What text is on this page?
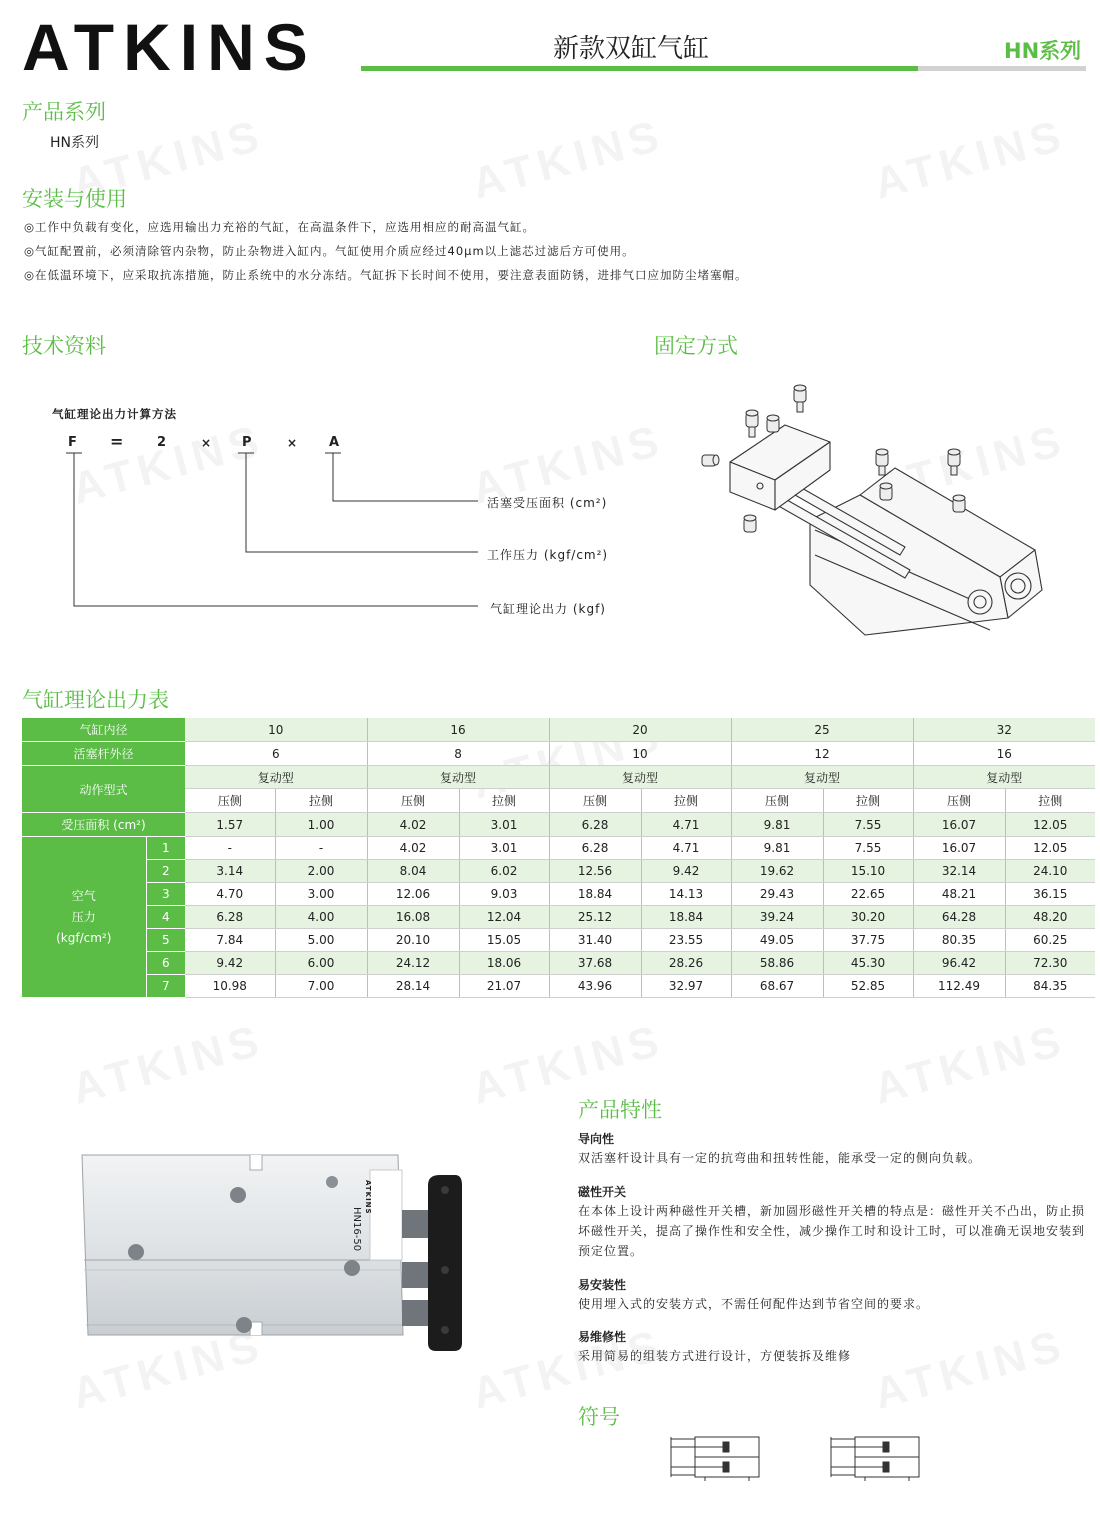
ATKINS	新款双缸气缸	HN系列
产品系列
HN系列
安装与使用
◎工作中负载有变化，应选用输出力充裕的气缸，在高温条件下，应选用相应的耐高温气缸。
◎气缸配置前，必须清除管内杂物，防止杂物进入缸内。气缸使用介质应经过40μm以上滤芯过滤后方可使用。
◎在低温环境下，应采取抗冻措施，防止系统中的水分冻结。气缸拆下长时间不使用，要注意表面防锈，进排气口应加防尘堵塞帽。
技术资料
气缸理论出力计算方法
F =	2	× P	× A
活塞受压面积 (cm²)
工作压力 (kgf/cm²)
气缸理论出力 (kgf)
固定方式
气缸理论出力表
气缸内径		10		16		20		25		32	
活塞杆外径		6		8		10		12		16	
动作型式		复动型		复动型		复动型		复动型		复动型	
		压侧	拉侧	压侧	拉侧	压侧	拉侧	压侧	拉侧	压侧	拉侧
受压面积 (cm²)		1.57	1.00	4.02	3.01	6.28	4.71	9.81	7.55	16.07	12.05

空气
压力
(kgf/cm²)	1	-	-	4.02	3.01	6.28	4.71	9.81	7.55	16.07	12.05
	2	3.14	2.00	8.04	6.02	12.56	9.42	19.62	15.10	32.14	24.10
	3	4.70	3.00	12.06	9.03	18.84	14.13	29.43	22.65	48.21	36.15
	4	6.28	4.00	16.08	12.04	25.12	18.84	39.24	30.20	64.28	48.20
	5	7.84	5.00	20.10	15.05	31.40	23.55	49.05	37.75	80.35	60.25
	6	9.42	6.00	24.12	18.06	37.68	28.26	58.86	45.30	96.42	72.30
	7	10.98	7.00	28.14	21.07	43.96	32.97	68.67	52.85	112.49	84.35
ATKINS
HN16-50
产品特性
导向性
双活塞杆设计具有一定的抗弯曲和扭转性能，能承受一定的侧向负载。
磁性开关
在本体上设计两种磁性开关槽，新加圆形磁性开关槽的特点是：磁性开关不凸出，防止损坏磁性开关，提高了操作性和安全性，减少操作工时和设计工时，可以准确无误地安装到预定位置。
易安装性
使用埋入式的安装方式，不需任何配件达到节省空间的要求。
易维修性
采用简易的组装方式进行设计，方便装拆及维修
符号
